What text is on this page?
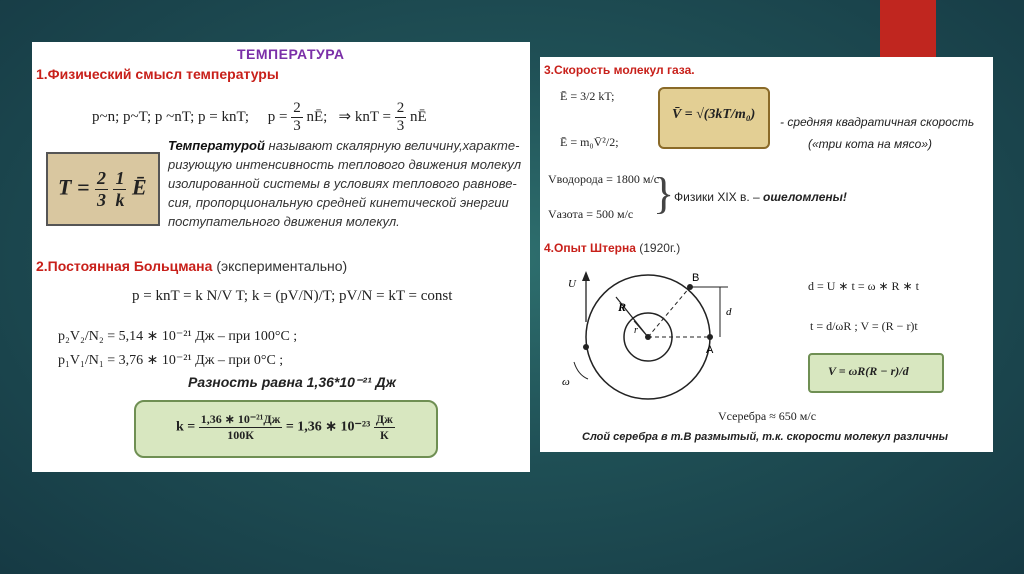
ТЕМПЕРАТУРА
1.Физический смысл температуры
p~n; p~T; p ~nT; p = knT; $p = \frac{2}{3}$ nĒ; ⇒ knT = $\frac{2}{3}$ nĒ
$T = \frac{2}{3}$
$\frac{1}{k}$ Ē
Температурой называют скалярную величину,характе-
ризующую интенсивность теплового движения молекул
изолированной системы в условиях теплового равнове-
сия, пропорциональную средней кинетической энергии
поступательного движения молекул.
2.Постоянная Больцмана (экспериментально)
p = knT = k N/V T; k = (pV/N)/T; pV/N = kT = const
p₂V₂/N₂ = 5,14 ∗ 10⁻²¹ Дж – при 100°С ;
p₁V₁/N₁ = 3,76 ∗ 10⁻²¹ Дж – при 0°С ;
Разность равна 1,36*10⁻²¹ Дж
$k = \frac{\text{1,36 ∗ 10⁻²¹Дж}}{100К} = 1,36$ ∗ $10^{-23} \frac{Дж}{К}$
3.Скорость молекул газа.
Ē = 3/2 kT;
Ē = m₀V̄²/2;
V̄ = √(3kT/m₀) - средняя квадратичная скорость
(«три кота на мясо»)
Vводорода = 1800 м/с
Vазота = 500 м/с } Физики XIX в. – ошеломлены!
4.Опыт Штерна (1920г.)
U	B
A
R
r
d
ω
d = U ∗ t = ω ∗ R ∗ t
t = d/ωR ; V = (R − r)t
V = ωR(R − r)/d
Vсеребра ≈ 650 м/с
Слой серебра в т.В размытый, т.к. скорости молекул различны
